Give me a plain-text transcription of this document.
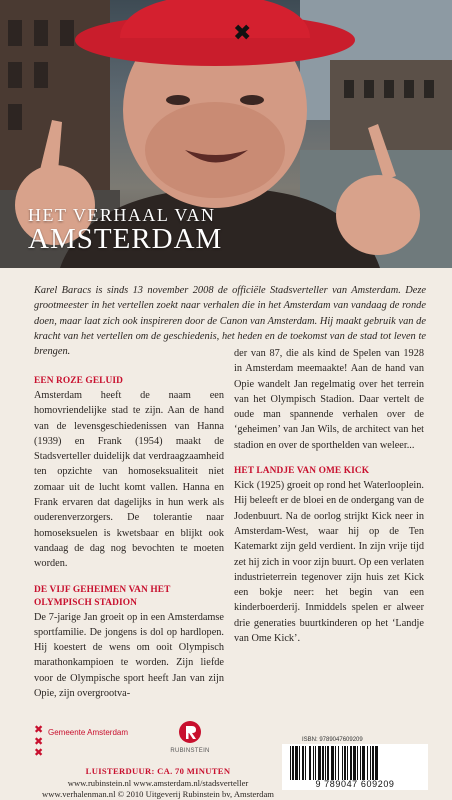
✖
HET VERHAAL VAN
AMSTERDAM

Karel Baracs is sinds 13 november 2008 de officiële Stadsverteller van Amsterdam. Deze grootmeester in het vertellen zoekt naar verhalen die in het Amsterdam van vandaag de ronde doen, maar laat zich ook inspireren door de Canon van Amsterdam. Hij maakt gebruik van de kracht van het vertellen om de geschiedenis, het heden en de toekomst van de stad tot leven te brengen.

EEN ROZE GELUID

Amsterdam heeft de naam een homovriendelijke stad te zijn. Aan de hand van de levensgeschiedenissen van Hanna (1939) en Frank (1954) maakt de Stadsverteller duidelijk dat verdraagzaamheid ten opzichte van homoseksualiteit niet zomaar uit de lucht komt vallen. Hanna en Frank ervaren dat dagelijks in hun werk als ouderenverzorgers. De tolerantie naar homoseksuelen is kwetsbaar en blijkt ook vandaag de dag nog bevochten te moeten worden.

DE VIJF GEHEIMEN VAN HET OLYMPISCH STADION

De 7-jarige Jan groeit op in een Amsterdamse sportfamilie. De jongens is dol op hardlopen. Hij koestert de wens om ooit Olympisch marathonkampioen te worden. Zijn liefde voor de Olympische sport heeft Jan van zijn Opie, zijn overgrootva-

der van 87, die als kind de Spelen van 1928 in Amsterdam meemaakte! Aan de hand van Opie wandelt Jan regelmatig over het terrein van het Olympisch Stadion. Daar vertelt de oude man spannende verhalen over de ‘geheimen’ van Jan Wils, de architect van het stadion en over de sporthelden van weleer...

HET LANDJE VAN OME KICK

Kick (1925) groeit op rond het Waterlooplein. Hij beleeft er de bloei en de ondergang van de Jodenbuurt. Na de oorlog strijkt Kick neer in Amsterdam-West, waar hij op de Ten Katemarkt zijn geld verdient. In zijn vrije tijd zet hij zich in voor zijn buurt. Op een verlaten industrieterrein tegenover zijn huis zet Kick een bokje neer: het begin van een kinderboerderij. Inmiddels spelen er alweer drie generaties buurtkinderen op het ‘Landje van Ome Kick’.

✖
✖
✖
Gemeente Amsterdam
RUBINSTEIN
ISBN: 9789047609209
9 789047 609209
LUISTERDUUR: CA. 70 MINUTEN
www.rubinstein.nl www.amsterdam.nl/stadsverteller
www.verhalenman.nl © 2010 Uitgeverij Rubinstein bv, Amsterdam
